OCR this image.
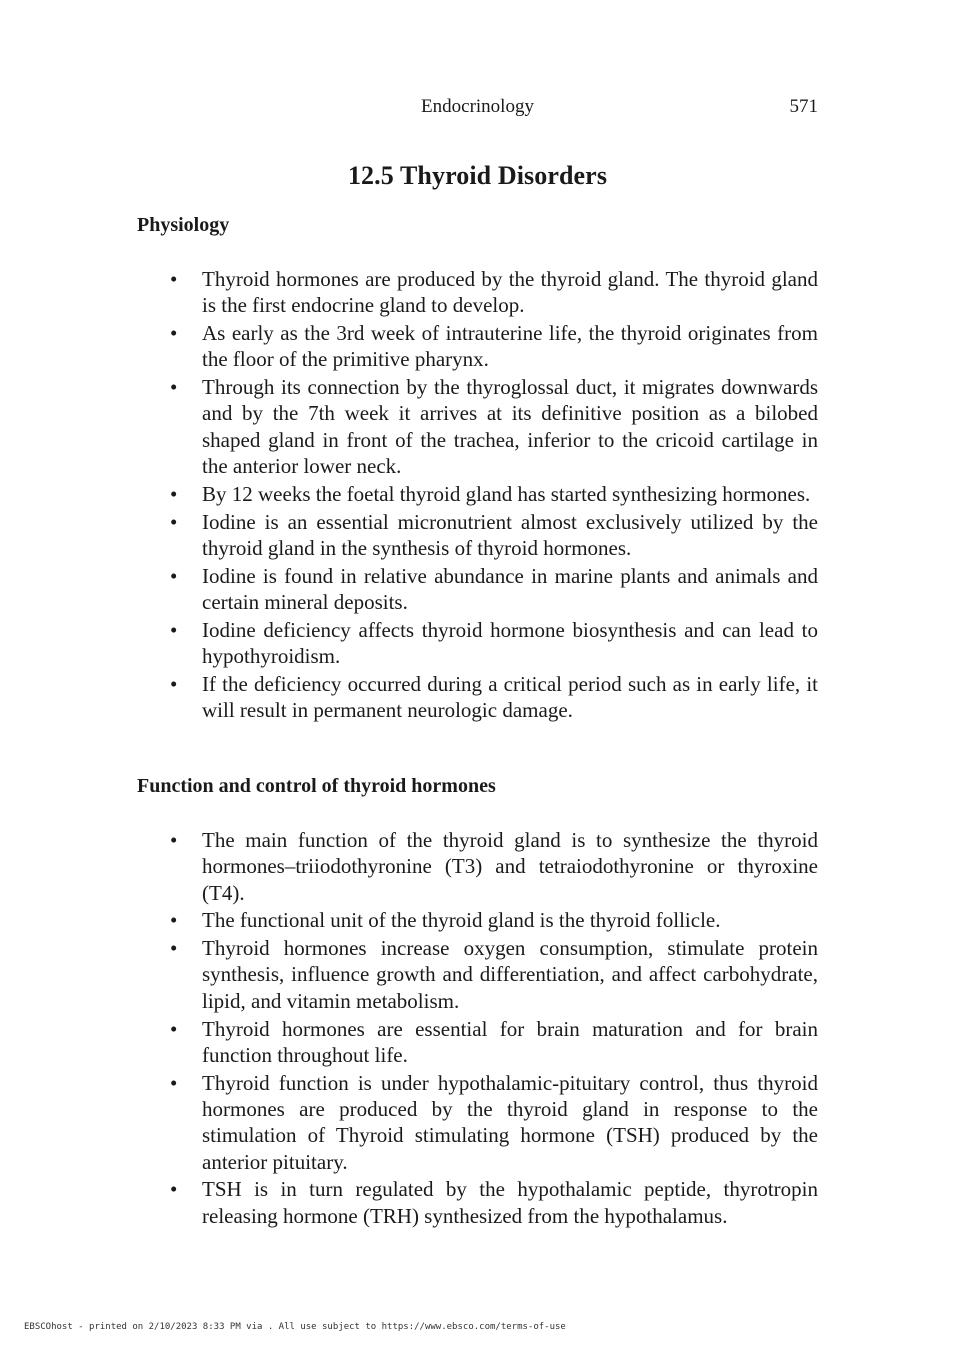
Endocrinology	571
12.5 Thyroid Disorders
Physiology
• Thyroid hormones are produced by the thyroid gland. The thyroid gland is the first endocrine gland to develop.
• As early as the 3rd week of intrauterine life, the thyroid originates from the floor of the primitive pharynx.
• Through its connection by the thyroglossal duct, it migrates downwards and by the 7th week it arrives at its definitive position as a bilobed shaped gland in front of the trachea, inferior to the cricoid cartilage in the anterior lower neck.
• By 12 weeks the foetal thyroid gland has started synthesizing hormones.
• Iodine is an essential micronutrient almost exclusively utilized by the thyroid gland in the synthesis of thyroid hormones.
• Iodine is found in relative abundance in marine plants and animals and certain mineral deposits.
• Iodine deficiency affects thyroid hormone biosynthesis and can lead to hypothyroidism.
• If the deficiency occurred during a critical period such as in early life, it will result in permanent neurologic damage.
Function and control of thyroid hormones
• The main function of the thyroid gland is to synthesize the thyroid hormones–triiodothyronine (T3) and tetraiodothyronine or thyroxine (T4).
• The functional unit of the thyroid gland is the thyroid follicle.
• Thyroid hormones increase oxygen consumption, stimulate protein synthesis, influence growth and differentiation, and affect carbohydrate, lipid, and vitamin metabolism.
• Thyroid hormones are essential for brain maturation and for brain function throughout life.
• Thyroid function is under hypothalamic-pituitary control, thus thyroid hormones are produced by the thyroid gland in response to the stimulation of Thyroid stimulating hormone (TSH) produced by the anterior pituitary.
• TSH is in turn regulated by the hypothalamic peptide, thyrotropin releasing hormone (TRH) synthesized from the hypothalamus.
EBSCOhost - printed on 2/10/2023 8:33 PM via . All use subject to https://www.ebsco.com/terms-of-use
